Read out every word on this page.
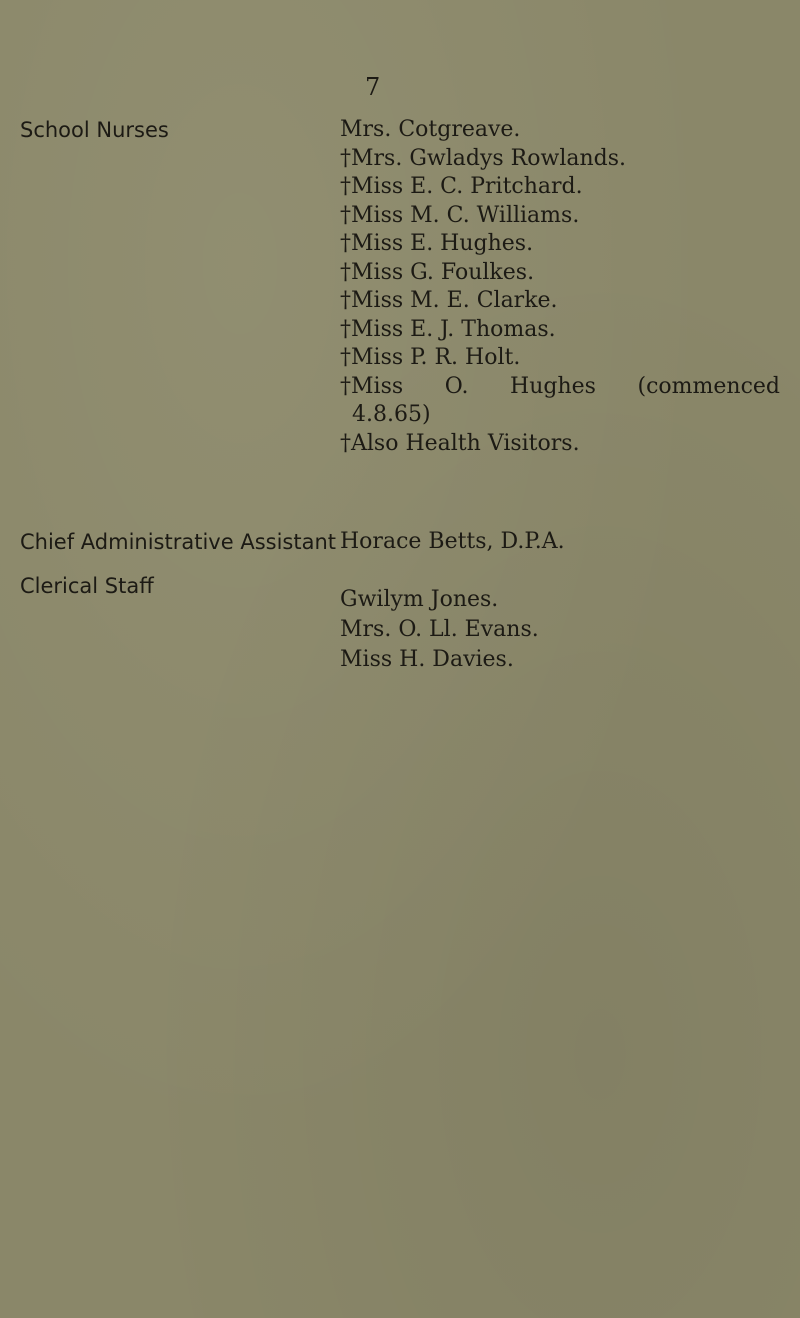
7
School Nurses	Mrs. Cotgreave.
†Mrs. Gwladys Rowlands.
†Miss E. C. Pritchard.
†Miss M. C. Williams.
†Miss E. Hughes.
†Miss G. Foulkes.
†Miss M. E. Clarke.
†Miss E. J. Thomas.
†Miss P. R. Holt.
†Miss O. Hughes (commenced
4.8.65)
†Also Health Visitors.
Chief Administrative Assistant Horace Betts, D.P.A.
Clerical Staff
Gwilym Jones.
Mrs. O. Ll. Evans.
Miss H. Davies.
